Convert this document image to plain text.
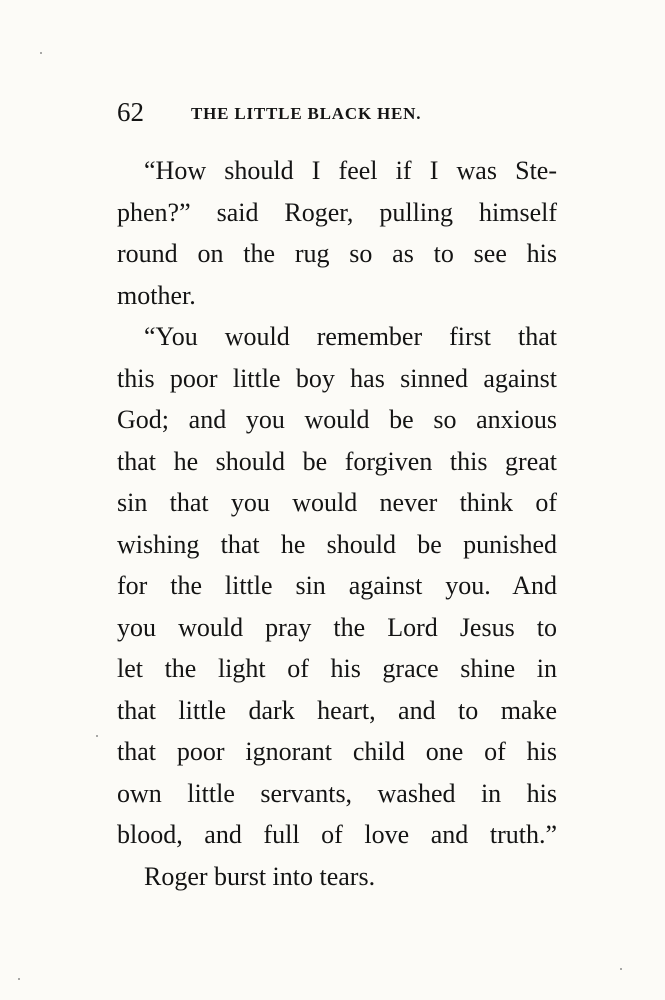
62	THE LITTLE BLACK HEN.
“How should I feel if I was Ste-
phen?” said Roger, pulling himself
round on the rug so as to see his
mother.
“You would remember first that
this poor little boy has sinned against
God; and you would be so anxious
that he should be forgiven this great
sin that you would never think of
wishing that he should be punished
for the little sin against you. And
you would pray the Lord Jesus to
let the light of his grace shine in
that little dark heart, and to make
that poor ignorant child one of his
own little servants, washed in his
blood, and full of love and truth.”
Roger burst into tears.
